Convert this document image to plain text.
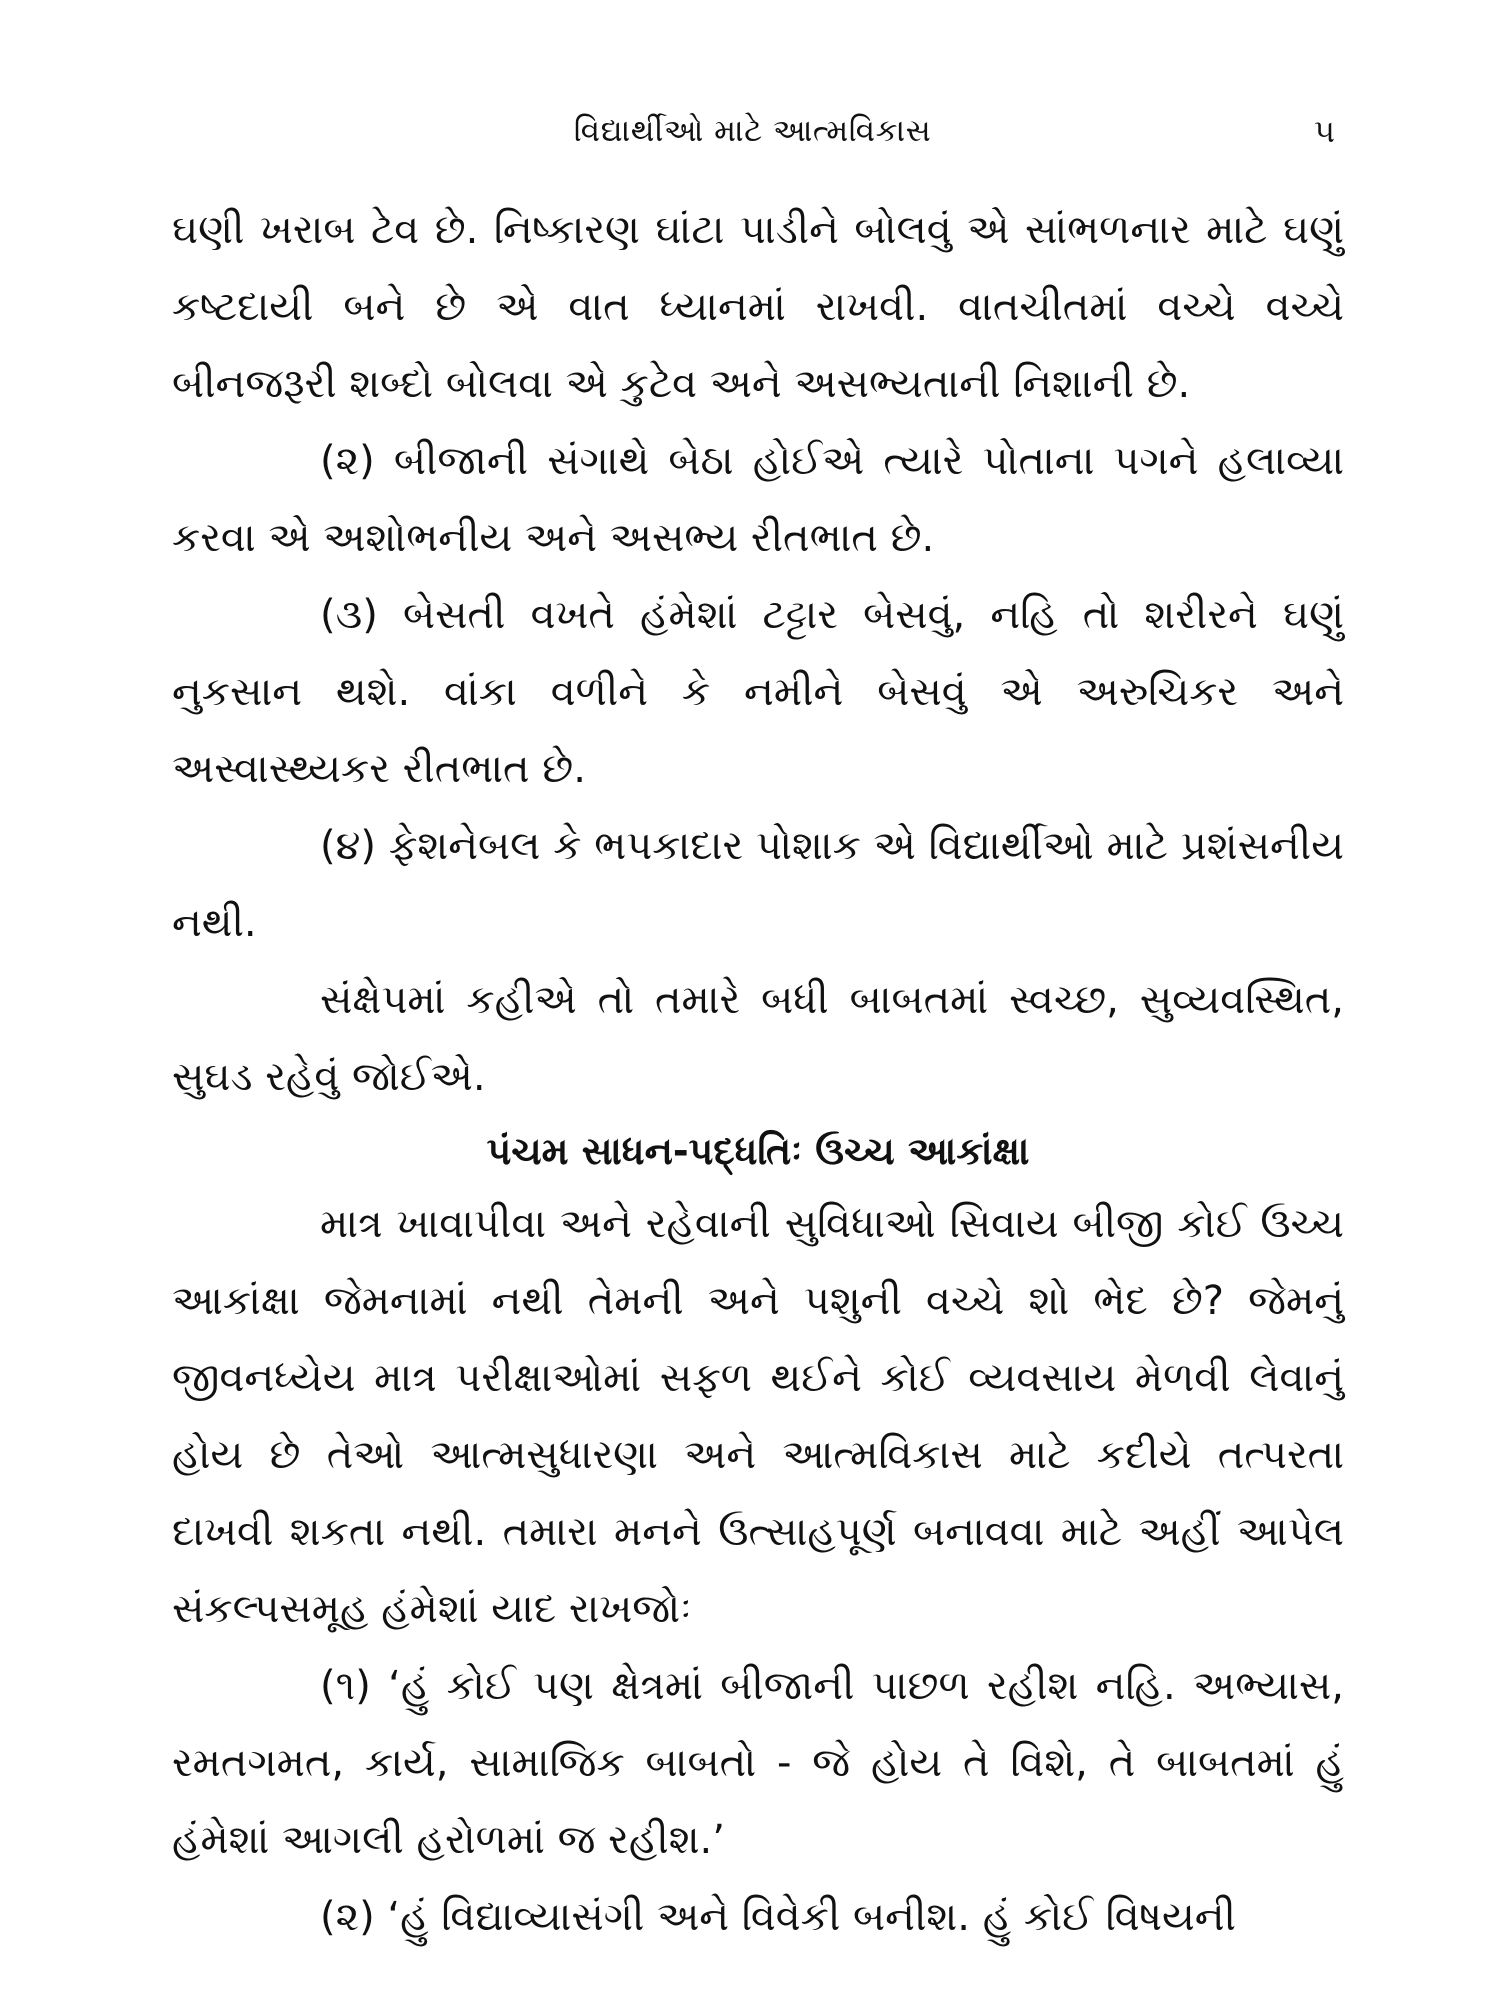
વિદ્યાર્થીઓ માટે આત્મવિકાસ	૫

ઘણી ખરાબ ટેવ છે. નિષ્કારણ ઘાંટા પાડીને બોલવું એ સાંભળનાર માટે ઘણું કષ્ટદાયી બને છે એ વાત ધ્યાનમાં રાખવી. વાતચીતમાં વચ્ચે વચ્ચે બીનજરૂરી શબ્દો બોલવા એ કુટેવ અને અસભ્યતાની નિશાની છે.

(૨) બીજાની સંગાથે બેઠા હોઈએ ત્યારે પોતાના પગને હલાવ્યા કરવા એ અશોભનીય અને અસભ્ય રીતભાત છે.

(૩) બેસતી વખતે હંમેશાં ટટ્ટાર બેસવું, નહિ તો શરીરને ઘણું નુકસાન થશે. વાંકા વળીને કે નમીને બેસવું એ અરુચિકર અને અસ્વાસ્થ્યકર રીતભાત છે.

(૪) ફેશનેબલ કે ભપકાદાર પોશાક એ વિદ્યાર્થીઓ માટે પ્રશંસનીય નથી.

સંક્ષેપમાં કહીએ તો તમારે બધી બાબતમાં સ્વચ્છ, સુવ્યવસ્થિત, સુઘડ રહેવું જોઈએ.

પંચમ સાધન-પદ્ધતિઃ ઉચ્ચ આકાંક્ષા

માત્ર ખાવાપીવા અને રહેવાની સુવિધાઓ સિવાય બીજી કોઈ ઉચ્ચ આકાંક્ષા જેમનામાં નથી તેમની અને પશુની વચ્ચે શો ભેદ છે? જેમનું જીવનધ્યેય માત્ર પરીક્ષાઓમાં સફળ થઈને કોઈ વ્યવસાય મેળવી લેવાનું હોય છે તેઓ આત્મસુધારણા અને આત્મવિકાસ માટે કદીયે તત્પરતા દાખવી શકતા નથી. તમારા મનને ઉત્સાહપૂર્ણ બનાવવા માટે અહીં આપેલ સંકલ્પસમૂહ હંમેશાં યાદ રાખજોઃ

(૧) ‘હું કોઈ પણ ક્ષેત્રમાં બીજાની પાછળ રહીશ નહિ. અભ્યાસ, રમતગમત, કાર્ય, સામાજિક બાબતો - જે હોય તે વિશે, તે બાબતમાં હું હંમેશાં આગલી હરોળમાં જ રહીશ.’

(૨) ‘હું વિદ્યાવ્યાસંગી અને વિવેકી બનીશ. હું કોઈ વિષયની
